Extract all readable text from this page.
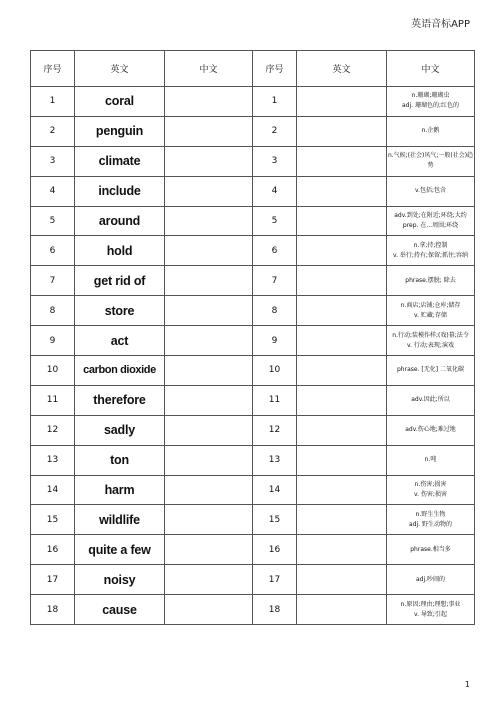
英语音标APP
序号	英文	中文	序号	英文	中文
1	coral		1		n.珊瑚;珊瑚虫
adj. 珊瑚色的;红色的

2	penguin		2		n.企鹅

3	climate		3		n.气候;(社会)风气;一般(社会)趋势

4	include		4		v.包括;包含

5	around		5		adv.到处;在附近;环绕;大约
prep. 在...周围;环绕

6	hold		6		n.拿;持;控制
v. 举行;持有;保留;抓住;容纳

7	get rid of		7		phrase.摆脱; 除去

8	store		8		n.商店;店铺;仓库;储存
v. 贮藏;存储

9	act		9		n.行动;装模作样;(戏)幕;法令
v. 行动;表现;演戏

10	carbon dioxide		10		phrase. [无化] 二氧化碳

11	therefore		11		adv.因此;所以

12	sadly		12		adv.伤心地;难过地

13	ton		13		n.吨

14	harm		14		n.伤害;损害
v. 伤害;损害

15	wildlife		15		n.野生生物
adj. 野生动物的

16	quite a few		16		phrase.相当多

17	noisy		17		adj.吵闹的

18	cause		18		n.原因;理由;理想;事业
v. 导致;引起
1
